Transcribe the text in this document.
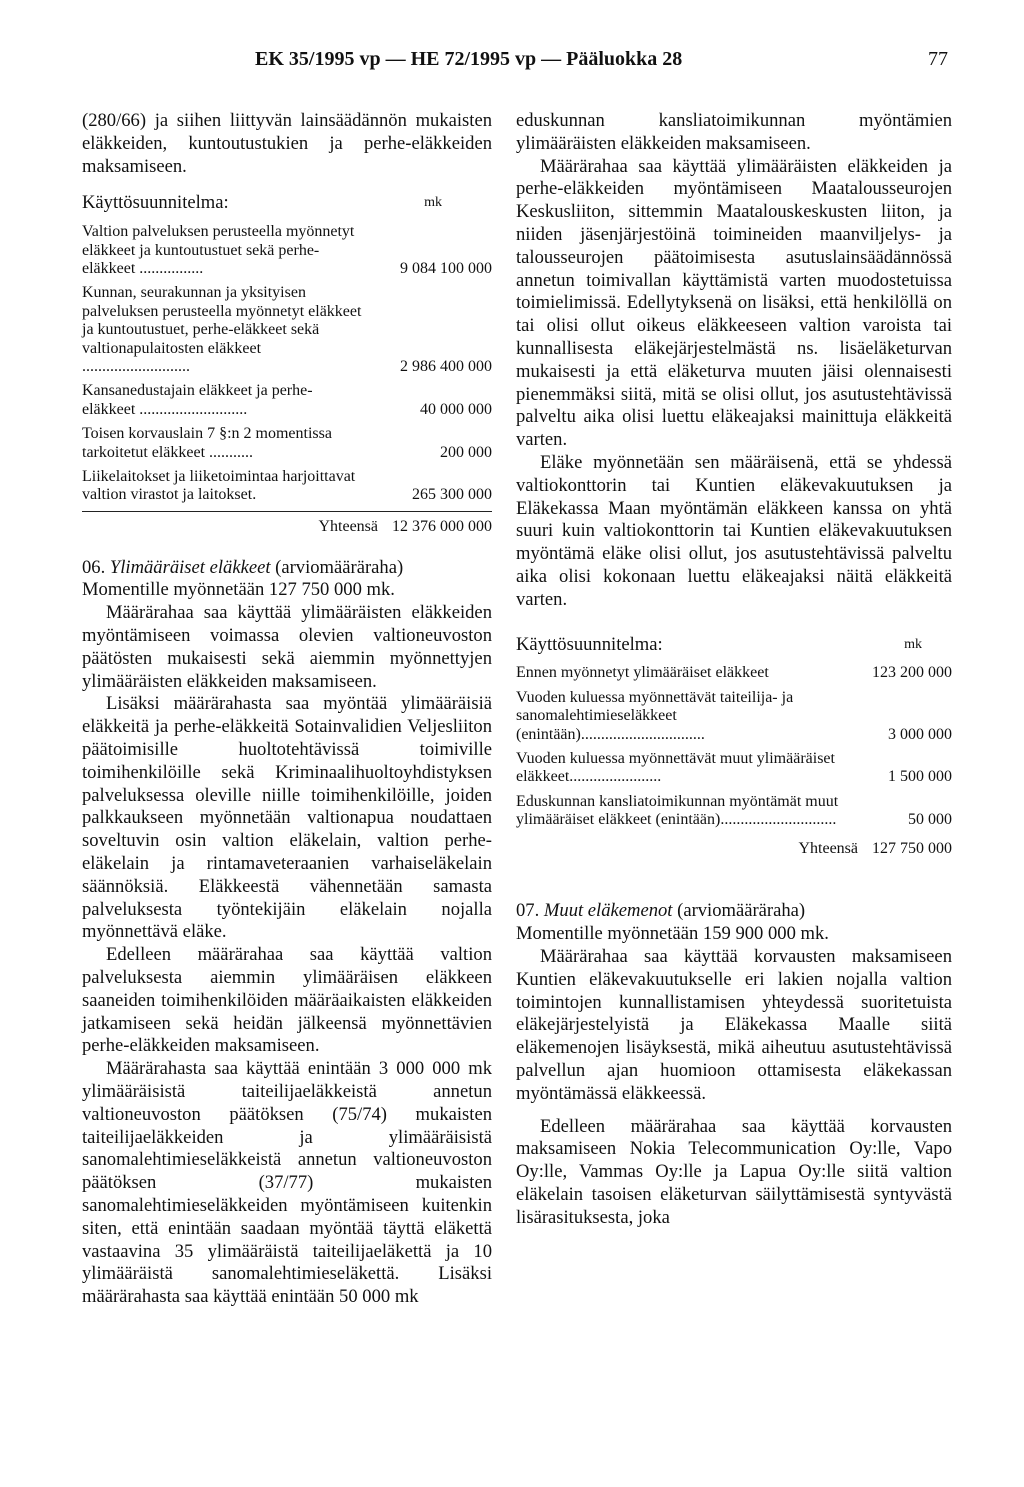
EK 35/1995 vp — HE 72/1995 vp — Pääluokka 28	77

(280/66) ja siihen liittyvän lainsäädännön mukaisten eläkkeiden, kuntoutustukien ja perhe-eläkkeiden maksamiseen.

Käyttösuunnitelma:	mk
Valtion palveluksen perusteella myönnetyt eläkkeet ja kuntoutustuet sekä perhe-eläkkeet ................	9 084 100 000
Kunnan, seurakunnan ja yksityisen palveluksen perusteella myönnetyt eläkkeet ja kuntoutustuet, perhe-eläkkeet sekä valtionapulaitosten eläkkeet ...........................	2 986 400 000
Kansanedustajain eläkkeet ja perhe-eläkkeet ...........................	40 000 000
Toisen korvauslain 7 §:n 2 momentissa tarkoitetut eläkkeet ...........	200 000
Liikelaitokset ja liiketoimintaa harjoittavat valtion virastot ja laitokset.	265 300 000
Yhteensä 12 376 000 000

06. Ylimääräiset eläkkeet (arviomääräraha)

Momentille myönnetään 127 750 000 mk.

Määrärahaa saa käyttää ylimääräisten eläkkeiden myöntämiseen voimassa olevien valtioneuvoston päätösten mukaisesti sekä aiemmin myönnettyjen ylimääräisten eläkkeiden maksamiseen.

Lisäksi määrärahasta saa myöntää ylimääräisiä eläkkeitä ja perhe-eläkkeitä Sotainvalidien Veljesliiton päätoimisille huoltotehtävissä toimiville toimihenkilöille sekä Kriminaalihuoltoyhdistyksen palveluksessa oleville niille toimihenkilöille, joiden palkkaukseen myönnetään valtionapua noudattaen soveltuvin osin valtion eläkelain, valtion perhe-eläkelain ja rintamaveteraanien varhaiseläkelain säännöksiä. Eläkkeestä vähennetään samasta palveluksesta työntekijäin eläkelain nojalla myönnettävä eläke.

Edelleen määrärahaa saa käyttää valtion palveluksesta aiemmin ylimääräisen eläkkeen saaneiden toimihenkilöiden määräaikaisten eläkkeiden jatkamiseen sekä heidän jälkeensä myönnettävien perhe-eläkkeiden maksamiseen.

Määrärahasta saa käyttää enintään 3 000 000 mk ylimääräisistä taiteilijaeläkkeistä annetun valtioneuvoston päätöksen (75/74) mukaisten taiteilijaeläkkeiden ja ylimääräisistä sanomalehtimieseläkkeistä annetun valtioneuvoston päätöksen (37/77) mukaisten sanomalehtimieseläkkeiden myöntämiseen kuitenkin siten, että enintään saadaan myöntää täyttä eläkettä vastaavina 35 ylimääräistä taiteilijaeläkettä ja 10 ylimääräistä sanomalehtimieseläkettä. Lisäksi määrärahasta saa käyttää enintään 50 000 mk

eduskunnan kansliatoimikunnan myöntämien ylimääräisten eläkkeiden maksamiseen.

Määrärahaa saa käyttää ylimääräisten eläkkeiden ja perhe-eläkkeiden myöntämiseen Maatalousseurojen Keskusliiton, sittemmin Maatalouskeskusten liiton, ja niiden jäsenjärjestöinä toimineiden maanviljelys- ja talousseurojen päätoimisesta asutuslainsäädännössä annetun toimivallan käyttämistä varten muodostetuissa toimielimissä. Edellytyksenä on lisäksi, että henkilöllä on tai olisi ollut oikeus eläkkeeseen valtion varoista tai kunnallisesta eläkejärjestelmästä ns. lisäeläketurvan mukaisesti ja että eläketurva muuten jäisi olennaisesti pienemmäksi siitä, mitä se olisi ollut, jos asutustehtävissä palveltu aika olisi luettu eläkeajaksi mainittuja eläkkeitä varten.

Eläke myönnetään sen määräisenä, että se yhdessä valtiokonttorin tai Kuntien eläkevakuutuksen ja Eläkekassa Maan myöntämän eläkkeen kanssa on yhtä suuri kuin valtiokonttorin tai Kuntien eläkevakuutuksen myöntämä eläke olisi ollut, jos asutustehtävissä palveltu aika olisi kokonaan luettu eläkeajaksi näitä eläkkeitä varten.

Käyttösuunnitelma:	mk
Ennen myönnetyt ylimääräiset eläkkeet	123 200 000
Vuoden kuluessa myönnettävät taiteilija- ja sanomalehtimieseläkkeet (enintään)...............................	3 000 000
Vuoden kuluessa myönnettävät muut ylimääräiset eläkkeet.......................	1 500 000
Eduskunnan kansliatoimikunnan myöntämät muut ylimääräiset eläkkeet (enintään).............................	50 000
Yhteensä 127 750 000

07. Muut eläkemenot (arviomääräraha)

Momentille myönnetään 159 900 000 mk.

Määrärahaa saa käyttää korvausten maksamiseen Kuntien eläkevakuutukselle eri lakien nojalla valtion toimintojen kunnallistamisen yhteydessä suoritetuista eläkejärjestelyistä ja Eläkekassa Maalle siitä eläkemenojen lisäyksestä, mikä aiheutuu asutustehtävissä palvellun ajan huomioon ottamisesta eläkekassan myöntämässä eläkkeessä.

Edelleen määrärahaa saa käyttää korvausten maksamiseen Nokia Telecommunication Oy:lle, Vapo Oy:lle, Vammas Oy:lle ja Lapua Oy:lle siitä valtion eläkelain tasoisen eläketurvan säilyttämisestä syntyvästä lisärasituksesta, joka
